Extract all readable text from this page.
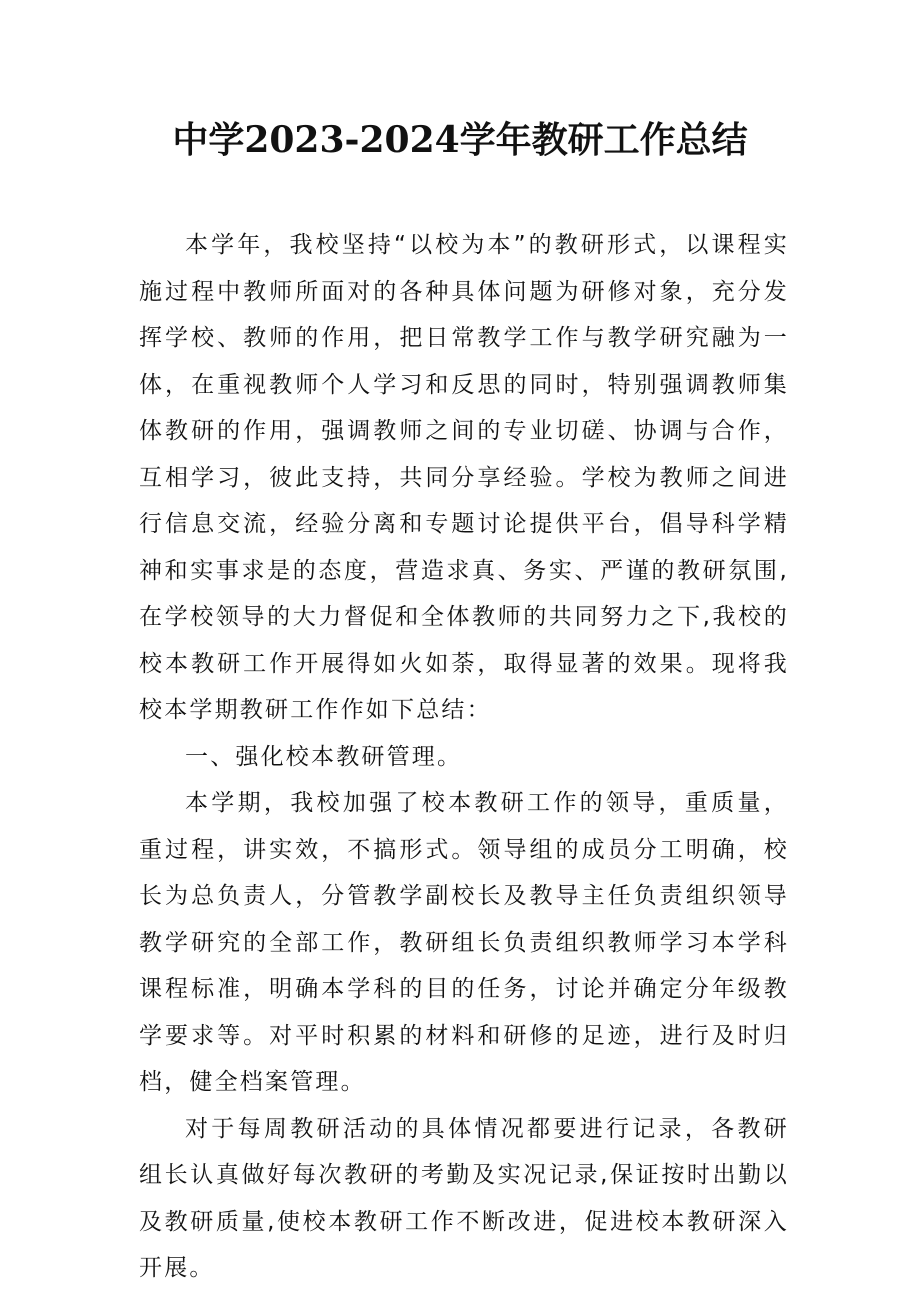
中学2023-2024学年教研工作总结

本学年，我校坚持“以校为本”的教研形式，以课程实施过程中教师所面对的各种具体问题为研修对象，充分发挥学校、教师的作用，把日常教学工作与教学研究融为一体，在重视教师个人学习和反思的同时，特别强调教师集体教研的作用，强调教师之间的专业切磋、协调与合作，互相学习，彼此支持，共同分享经验。学校为教师之间进行信息交流，经验分离和专题讨论提供平台，倡导科学精神和实事求是的态度，营造求真、务实、严谨的教研氛围,在学校领导的大力督促和全体教师的共同努力之下,我校的校本教研工作开展得如火如荼，取得显著的效果。现将我校本学期教研工作作如下总结：

一、强化校本教研管理。

本学期，我校加强了校本教研工作的领导，重质量，重过程，讲实效，不搞形式。领导组的成员分工明确，校长为总负责人，分管教学副校长及教导主任负责组织领导教学研究的全部工作，教研组长负责组织教师学习本学科课程标准，明确本学科的目的任务，讨论并确定分年级教学要求等。对平时积累的材料和研修的足迹，进行及时归档，健全档案管理。

对于每周教研活动的具体情况都要进行记录，各教研组长认真做好每次教研的考勤及实况记录,保证按时出勤以及教研质量,使校本教研工作不断改进，促进校本教研深入开展。
